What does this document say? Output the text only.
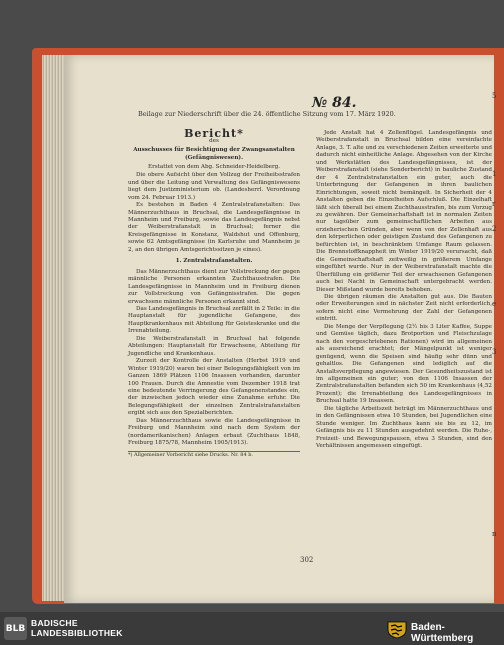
№ 84.
Beilage zur Niederschrift über die 24. öffentliche Sitzung vom 17. März 1920.

Bericht*

des

Ausschusses für Besichtigung der Zwangsanstalten

(Gefängniswesen).

Erstattet von dem Abg. Schneider-Heidelberg.

Die obere Aufsicht über den Vollzug der Freiheitsstrafen und über die Leitung und Verwaltung des Gefängniswesens liegt dem Justizministerium ob. (Landesherrl. Verordnung vom 24. Februar 1913.)

Es bestehen in Baden 4 Zentralstrafanstalten: Das Männerzuchthaus in Bruchsal, die Landesgefängnisse in Mannheim und Freiburg, sowie das Landesgefängnis nebst der Weiberstrafanstalt in Bruchsal; ferner die Kreisgefängnisse in Konstanz, Waldshut und Offenburg, sowie 62 Amtsgefängnisse (in Karlsruhe und Mannheim je 2, an den übrigen Amtsgerichtssitzen je eines).

1. Zentralstrafanstalten.

Das Männerzuchthaus dient zur Vollstreckung der gegen männliche Personen erkannten Zuchthausstrafen. Die Landesgefängnisse in Mannheim und in Freiburg dienen zur Vollstreckung von Gefängnisstrafen. Die gegen erwachsene männliche Personen erkannt sind.

Das Landesgefängnis in Bruchsal zerfällt in 2 Teile: in die Hauptanstalt für jugendliche Gefangene, des Hauptkrankenhaus mit Abteilung für Geisteskranke und die Irrenabteilung.

Die Weiberstrafanstalt in Bruchsal hat folgende Abteilungen: Hauptanstalt für Erwachsene, Abteilung für Jugendliche und Krankenhaus.

Zurzeit der Kontrolle der Anstalten (Herbst 1919 und Winter 1919/20) waren bei einer Belegungsfähigkeit von im Ganzen 1869 Plätzen 1106 Insassen vorhanden, darunter 100 Frauen. Durch die Amnestie vom Dezember 1918 trat eine bedeutende Verringerung des Gefangenenstandes ein, der inzwischen jedoch wieder eine Zunahme erfuhr. Die Belegungsfähigkeit der einzelnen Zentralstrafanstalten ergibt sich aus den Spezialberichten.

Das Männerzuchthaus sowie die Landesgefängnisse in Freiburg und Mannheim sind nach dem System der (nordamerikanischen) Anlagen erbaut (Zuchthaus 1848, Freiburg 1875/78, Mannheim 1905/1913).

*) Allgemeiner Vorbericht siehe Drucks. Nr. 84 b.

Jede Anstalt hat 4 Zellenflügel. Landesgefängnis und Weiberstrafanstalt in Bruchsal bilden eine vereinfachte Anlage, 3. T. alte und zu verschiedenen Zeiten erweiterte und dadurch nicht einheitliche Anlage. Abgesehen von der Kirche und Werkstätten des Landesgefängnisses, ist der Weiberstrafanstalt (siehe Sonderbericht) in bauliche Zustand der 4 Zentralstrafanstalten ein guter, auch die Unterbringung der Gefangenen in ihren baulichen Einrichtungen, soweit nicht bemängelt. In Sicherheit der 4 Anstalten geben die Einzelheiten Aufschluß. Die Einzelhaft läßt sich überall bei einem Zuchthausstrafen, bis zum Vorzug zu gewähren. Der Gemeinschaftshaft ist in normalen Zeiten nur tagsüber zum gemeinschaftlichen Arbeiten aus erzieherischen Gründen, aber wenn von der Zellenhaft aus den körperlichen oder geistigen Zustand des Gefangenen zu befürchten ist, in beschränktem Umfange Raum gelassen. Die Brennstoffknappheit im Winter 1919/20 verursacht, daß die Gemeinschaftshaft zeitweilig in größerem Umfange eingeführt wurde. Nur in der Weiberstrafanstalt machte die Überfüllung ein größerer Teil der erwachsenen Gefangenen auch bei Nacht in Gemeinschaft untergebracht werden. Dieser Mißstand wurde bereits behoben.

Die übrigen räumen die Anstalten gut aus. Die Bauten oder Erweiterungen sind in nächster Zeit nicht erforderlich, sofern nicht eine Vermehrung der Zahl der Gefangenen eintritt.

Die Menge der Verpflegung (2½ bis 3 Liter Kaffee, Suppe und Gemüse täglich, dazu Brotportion und Fleischzulage nach den vorgeschriebenen Rationen) wird im allgemeinen als ausreichend erachtet; der Mängelpunkt ist weniger genügend, wenn die Speisen sind häufig sehr dünn und gehaltlos. Die Gefangenen sind lediglich auf die Anstaltsverpflegung angewiesen. Der Gesundheitszustand ist im allgemeinen ein guter; von den 1106 Insassen der Zentralstrafanstalten befanden sich 50 im Krankenhaus (4,52 Prozent); die Irrenabteilung des Landesgefängnisses in Bruchsal hatte 19 Insassen.

Die tägliche Arbeitszeit beträgt im Männerzuchthaus und in den Gefängnissen etwa 10 Stunden, bei Jugendlichen eine Stunde weniger. Im Zuchthaus kann sie bis zu 12, im Gefängnis bis zu 11 Stunden ausgedehnt werden. Die Ruhe-, Freizeit- und Bewegungspausen, etwa 3 Stunden, sind den Verhältnissen angemessen eingefügt.

302
5
1
r
2
e
3
n
BLB
BADISCHE
LANDESBIBLIOTHEK	Baden-Württemberg
